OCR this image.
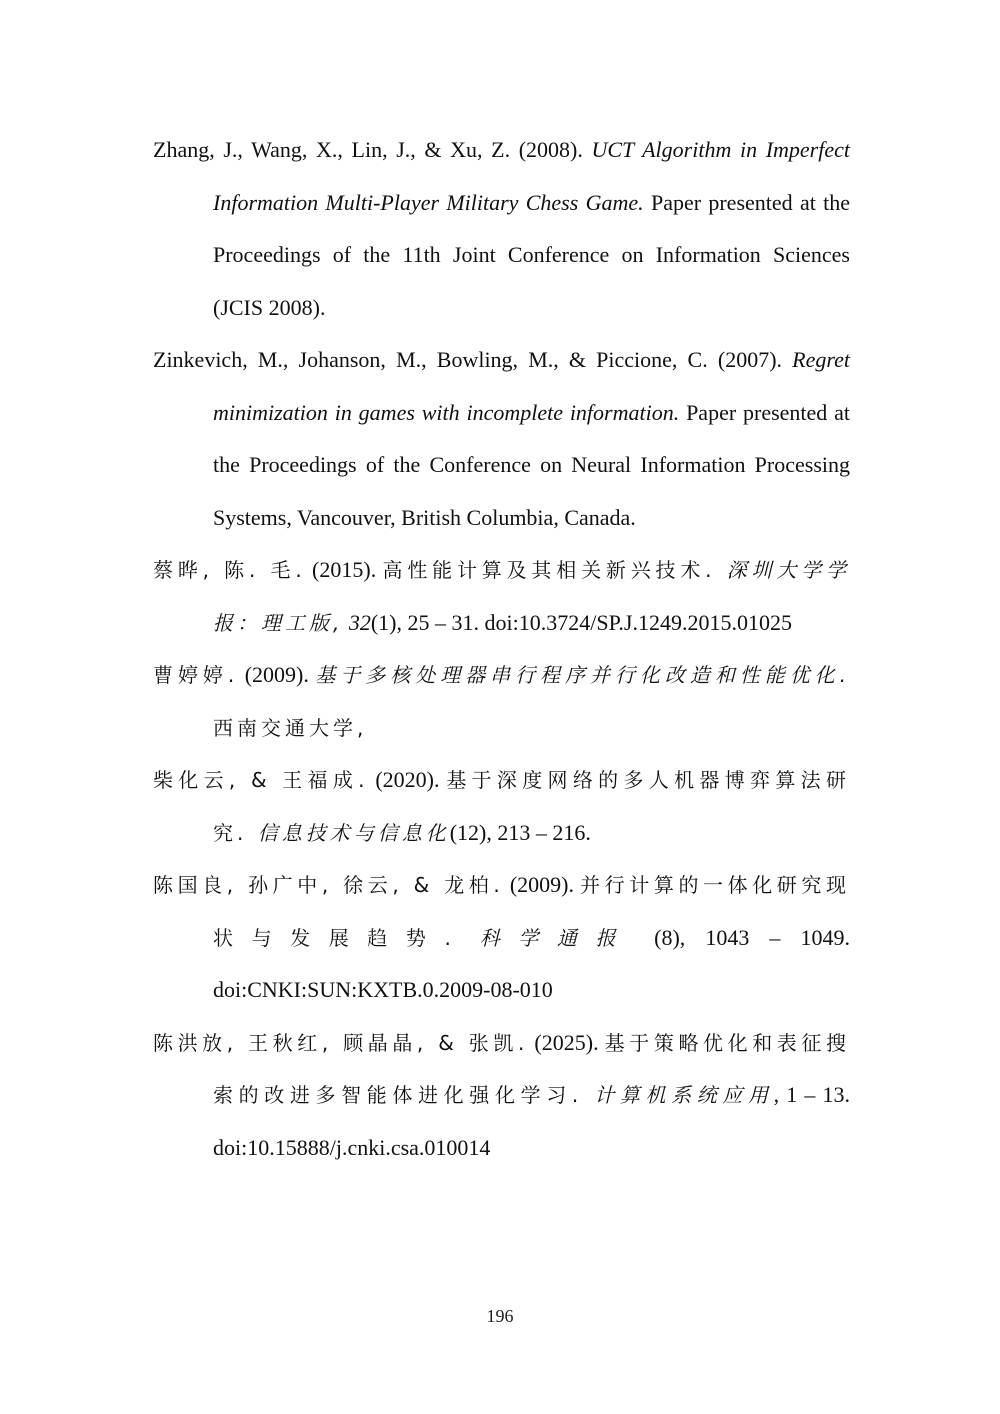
Zhang, J., Wang, X., Lin, J., & Xu, Z. (2008). UCT Algorithm in Imperfect Information Multi-Player Military Chess Game. Paper presented at the Proceedings of the 11th Joint Conference on Information Sciences (JCIS 2008).
Zinkevich, M., Johanson, M., Bowling, M., & Piccione, C. (2007). Regret minimization in games with incomplete information. Paper presented at the Proceedings of the Conference on Neural Information Processing Systems, Vancouver, British Columbia, Canada.
蔡晔, 陈. 毛. (2015). 高性能计算及其相关新兴技术. 深圳大学学报：理工版, 32(1), 25 – 31. doi:10.3724/SP.J.1249.2015.01025
曹婷婷. (2009). 基于多核处理器串行程序并行化改造和性能优化. 西南交通大学,
柴化云, & 王福成. (2020). 基于深度网络的多人机器博弈算法研究. 信息技术与信息化(12), 213 – 216.
陈国良, 孙广中, 徐云, & 龙柏. (2009). 并行计算的一体化研究现状与发展趋势. 科学通报 (8), 1043 – 1049. doi:CNKI:SUN:KXTB.0.2009-08-010
陈洪放, 王秋红, 顾晶晶, & 张凯. (2025). 基于策略优化和表征搜索的改进多智能体进化强化学习. 计算机系统应用, 1 – 13. doi:10.15888/j.cnki.csa.010014
196
